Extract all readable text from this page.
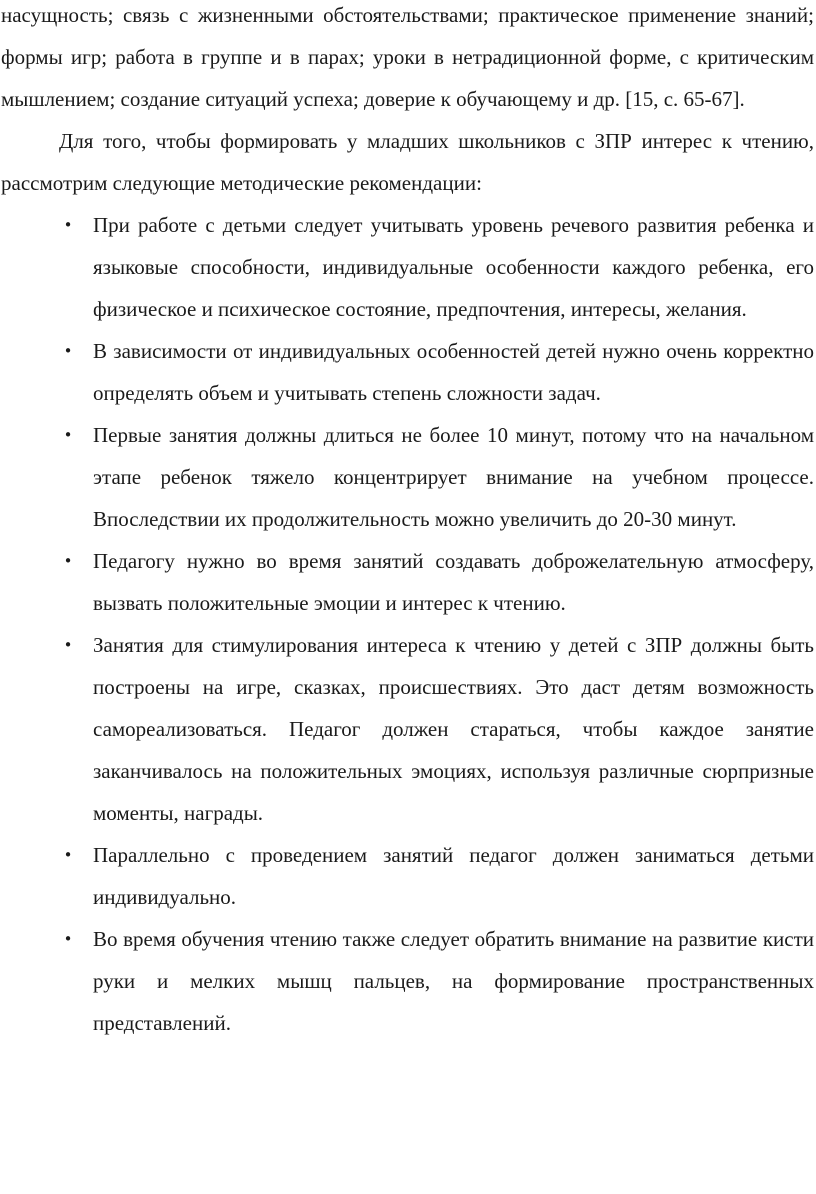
насущность; связь с жизненными обстоятельствами; практическое применение знаний; формы игр; работа в группе и в парах; уроки в нетрадиционной форме, с критическим мышлением; создание ситуаций успеха; доверие к обучающему и др. [15, с. 65-67].

Для того, чтобы формировать у младших школьников с ЗПР интерес к чтению, рассмотрим следующие методические рекомендации:

• При работе с детьми следует учитывать уровень речевого развития ребенка и языковые способности, индивидуальные особенности каждого ребенка, его физическое и психическое состояние, предпочтения, интересы, желания.
• В зависимости от индивидуальных особенностей детей нужно очень корректно определять объем и учитывать степень сложности задач.
• Первые занятия должны длиться не более 10 минут, потому что на начальном этапе ребенок тяжело концентрирует внимание на учебном процессе. Впоследствии их продолжительность можно увеличить до 20-30 минут.
• Педагогу нужно во время занятий создавать доброжелательную атмосферу, вызвать положительные эмоции и интерес к чтению.
• Занятия для стимулирования интереса к чтению у детей с ЗПР должны быть построены на игре, сказках, происшествиях. Это даст детям возможность самореализоваться. Педагог должен стараться, чтобы каждое занятие заканчивалось на положительных эмоциях, используя различные сюрпризные моменты, награды.
• Параллельно с проведением занятий педагог должен заниматься детьми индивидуально.
• Во время обучения чтению также следует обратить внимание на развитие кисти руки и мелких мышц пальцев, на формирование пространственных представлений.
